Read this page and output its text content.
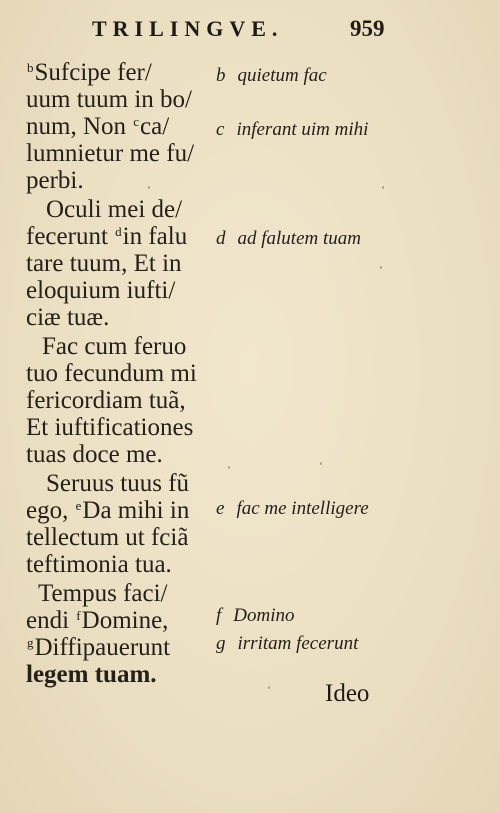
TRILINGVE.	959
$^b$Sufcipe fer/
uum tuum in bo/
num, Non $^c$ca/
lumnietur me fu/
perbi.
Oculi mei de/
fecerunt $^d$in falu
tare tuum, Et in
eloquium iufti/
ciæ tuæ.
Fac cum feruo
tuo fecundum mi
fericordiam tuã,
Et iuftificationes
tuas doce me.
Seruus tuus fũ
ego, $^e$Da mihi in
tellectum ut fciã
teftimonia tua.
Tempus faci/
endi $^f$Domine,
$^g$Diffipauerunt
legem tuam.
b quietum fac
c inferant uim mihi
d ad falutem tuam
e fac me intelligere
f Domino
g irritam fecerunt
Ideo
